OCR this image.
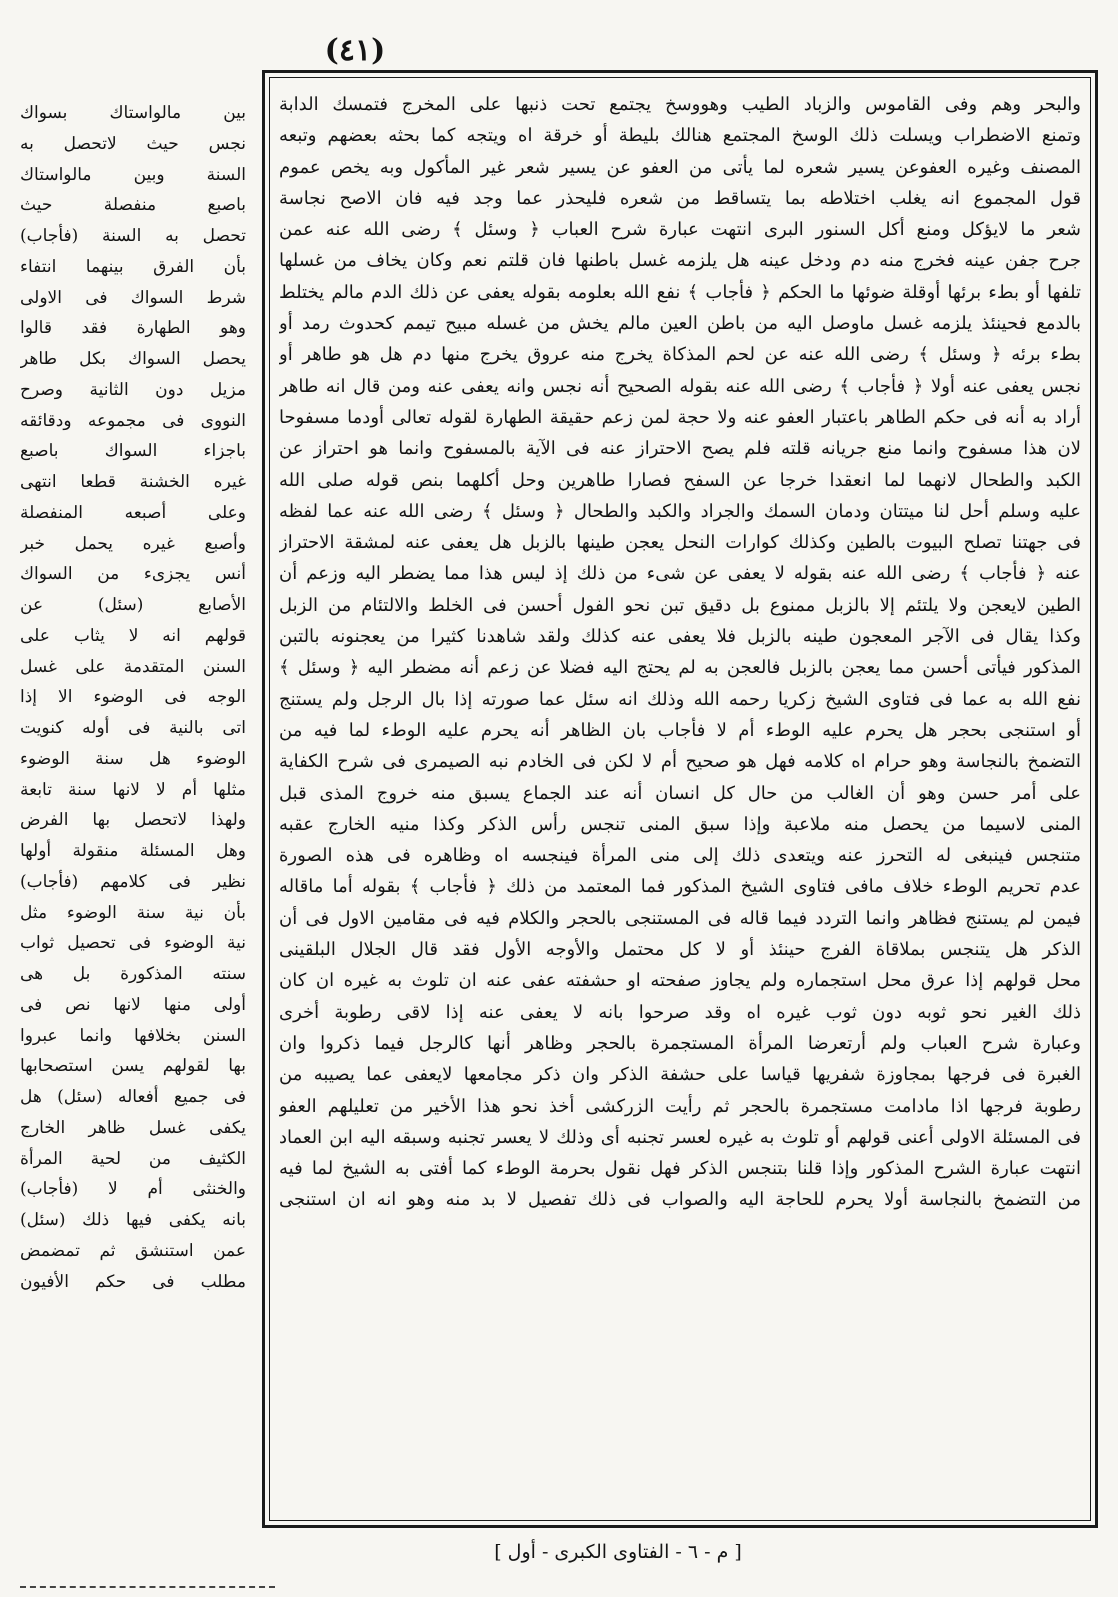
(٤١)
والبحر وهم وفى القاموس والزباد الطيب وهووسخ يجتمع تحت ذنبها على المخرج فتمسك الدابة
وتمنع الاضطراب ويسلت ذلك الوسخ المجتمع هنالك بليطة أو خرقة اه ويتجه كما بحثه بعضهم وتبعه
المصنف وغيره العفوعن يسير شعره لما يأتى من العفو عن يسير شعر غير المأكول وبه يخص عموم
قول المجموع انه يغلب اختلاطه بما يتساقط من شعره فليحذر عما وجد فيه فان الاصح نجاسة
شعر ما لايؤكل ومنع أكل السنور البرى انتهت عبارة شرح العباب ﴿ وسئل ﴾ رضى الله عنه عمن
جرح جفن عينه فخرج منه دم ودخل عينه هل يلزمه غسل باطنها فان قلتم نعم وكان يخاف من غسلها
تلفها أو بطء برئها أوقلة ضوئها ما الحكم ﴿ فأجاب ﴾ نفع الله بعلومه بقوله يعفى عن ذلك الدم مالم يختلط
بالدمع فحينئذ يلزمه غسل ماوصل اليه من باطن العين مالم يخش من غسله مبيح تيمم كحدوث رمد أو
بطء برئه ﴿ وسئل ﴾ رضى الله عنه عن لحم المذكاة يخرج منه عروق يخرج منها دم هل هو طاهر أو
نجس يعفى عنه أولا ﴿ فأجاب ﴾ رضى الله عنه بقوله الصحيح أنه نجس وانه يعفى عنه ومن قال انه طاهر
أراد به أنه فى حكم الطاهر باعتبار العفو عنه ولا حجة لمن زعم حقيقة الطهارة لقوله تعالى أودما مسفوحا
لان هذا مسفوح وانما منع جريانه قلته فلم يصح الاحتراز عنه فى الآية بالمسفوح وانما هو احتراز عن
الكبد والطحال لانهما لما انعقدا خرجا عن السفح فصارا طاهرين وحل أكلهما بنص قوله صلى الله
عليه وسلم أحل لنا ميتتان ودمان السمك والجراد والكبد والطحال ﴿ وسئل ﴾ رضى الله عنه عما لفظه
فى جهتنا تصلح البيوت بالطين وكذلك كوارات النحل يعجن طينها بالزبل هل يعفى عنه لمشقة الاحتراز
عنه ﴿ فأجاب ﴾ رضى الله عنه بقوله لا يعفى عن شىء من ذلك إذ ليس هذا مما يضطر اليه وزعم أن
الطين لايعجن ولا يلتئم إلا بالزبل ممنوع بل دقيق تبن نحو الفول أحسن فى الخلط والالتئام من الزبل
وكذا يقال فى الآجر المعجون طينه بالزبل فلا يعفى عنه كذلك ولقد شاهدنا كثيرا من يعجنونه بالتبن
المذكور فيأتى أحسن مما يعجن بالزبل فالعجن به لم يحتج اليه فضلا عن زعم أنه مضطر اليه ﴿ وسئل ﴾
نفع الله به عما فى فتاوى الشيخ زكريا رحمه الله وذلك انه سئل عما صورته إذا بال الرجل ولم يستنج
أو استنجى بحجر هل يحرم عليه الوطء أم لا فأجاب بان الظاهر أنه يحرم عليه الوطء لما فيه من
التضمخ بالنجاسة وهو حرام اه كلامه فهل هو صحيح أم لا لكن فى الخادم نبه الصيمرى فى شرح الكفاية
على أمر حسن وهو أن الغالب من حال كل انسان أنه عند الجماع يسبق منه خروج المذى قبل
المنى لاسيما من يحصل منه ملاعبة وإذا سبق المنى تنجس رأس الذكر وكذا منيه الخارج عقبه
متنجس فينبغى له التحرز عنه ويتعدى ذلك إلى منى المرأة فينجسه اه وظاهره فى هذه الصورة
عدم تحريم الوطء خلاف مافى فتاوى الشيخ المذكور فما المعتمد من ذلك ﴿ فأجاب ﴾ بقوله أما ماقاله
فيمن لم يستنج فظاهر وانما التردد فيما قاله فى المستنجى بالحجر والكلام فيه فى مقامين الاول فى أن
الذكر هل يتنجس بملاقاة الفرج حينئذ أو لا كل محتمل والأوجه الأول فقد قال الجلال البلقينى
محل قولهم إذا عرق محل استجماره ولم يجاوز صفحته او حشفته عفى عنه ان تلوث به غيره ان كان
ذلك الغير نحو ثوبه دون ثوب غيره اه وقد صرحوا بانه لا يعفى عنه إذا لاقى رطوبة أخرى
وعبارة شرح العباب ولم أرتعرضا المرأة المستجمرة بالحجر وظاهر أنها كالرجل فيما ذكروا وان
الغبرة فى فرجها بمجاوزة شفريها قياسا على حشفة الذكر وان ذكر مجامعها لايعفى عما يصيبه من
رطوبة فرجها اذا مادامت مستجمرة بالحجر ثم رأيت الزركشى أخذ نحو هذا الأخير من تعليلهم العفو
فى المسئلة الاولى أعنى قولهم أو تلوث به غيره لعسر تجنبه أى وذلك لا يعسر تجنبه وسبقه اليه ابن العماد
انتهت عبارة الشرح المذكور وإذا قلنا بتنجس الذكر فهل نقول بحرمة الوطء كما أفتى به الشيخ لما فيه
من التضمخ بالنجاسة أولا يحرم للحاجة اليه والصواب فى ذلك تفصيل لا بد منه وهو انه ان استنجى
بين مالواستاك بسواك
نجس حيث لاتحصل به
السنة وبين مالواستاك
باصبع منفصلة حيث
تحصل به السنة (فأجاب)
بأن الفرق بينهما انتفاء
شرط السواك فى الاولى
وهو الطهارة فقد قالوا
يحصل السواك بكل طاهر
مزيل دون الثانية وصرح
النووى فى مجموعه ودقائقه
باجزاء السواك باصبع
غيره الخشنة قطعا انتهى
وعلى أصبعه المنفصلة
وأصبع غيره يحمل خبر
أنس يجزىء من السواك
الأصابع (سئل) عن
قولهم انه لا يثاب على
السنن المتقدمة على غسل
الوجه فى الوضوء الا إذا
اتى بالنية فى أوله كنويت
الوضوء هل سنة الوضوء
مثلها أم لا لانها سنة تابعة
ولهذا لاتحصل بها الفرض
وهل المسئلة منقولة أولها
نظير فى كلامهم (فأجاب)
بأن نية سنة الوضوء مثل
نية الوضوء فى تحصيل ثواب
سنته المذكورة بل هى
أولى منها لانها نص فى
السنن بخلافها وانما عبروا
بها لقولهم يسن استصحابها
فى جميع أفعاله (سئل) هل
يكفى غسل ظاهر الخارج
الكثيف من لحية المرأة
والخنثى أم لا (فأجاب)
بانه يكفى فيها ذلك (سئل)
عمن استنشق ثم تمضمض
مطلب فى حكم الأفيون
[ م - ٦ - الفتاوى الكبرى - أول ]
